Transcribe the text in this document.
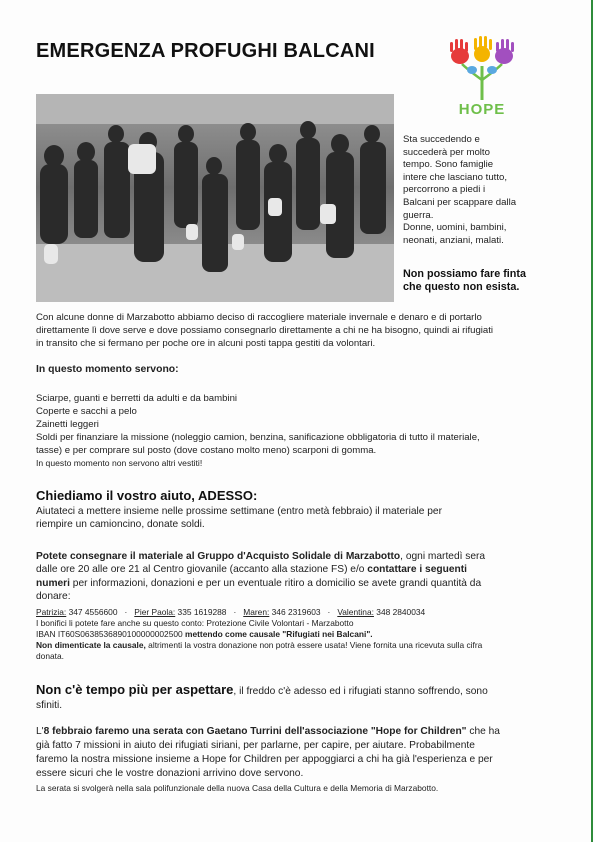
EMERGENZA PROFUGHI BALCANI
HOPE
Sta succedendo e
succederà per molto
tempo. Sono famiglie
intere che lasciano tutto,
percorrono a piedi i
Balcani per scappare dalla
guerra.
Donne, uomini, bambini,
neonati, anziani, malati.
Non possiamo fare finta
che questo non esista.
Con alcune donne di Marzabotto abbiamo deciso di raccogliere materiale invernale e denaro e di portarlo
direttamente lì dove serve e dove possiamo consegnarlo direttamente a chi ne ha bisogno, quindi ai rifugiati
in transito che si fermano per poche ore in alcuni posti tappa gestiti da volontari.
In questo momento servono:
Sciarpe, guanti e berretti da adulti e da bambini
Coperte e sacchi a pelo
Zainetti leggeri
Soldi per finanziare la missione (noleggio camion, benzina, sanificazione obbligatoria di tutto il materiale,
tasse) e per comprare sul posto (dove costano molto meno) scarponi di gomma.
In questo momento non servono altri vestiti!
Chiediamo il vostro aiuto, ADESSO:
Aiutateci a mettere insieme nelle prossime settimane (entro metà febbraio) il materiale per
riempire un camioncino, donate soldi.
Potete consegnare il materiale al Gruppo d'Acquisto Solidale di Marzabotto, ogni martedì sera
dalle ore 20 alle ore 21 al Centro giovanile (accanto alla stazione FS) e/o contattare i seguenti
numeri per informazioni, donazioni e per un eventuale ritiro a domicilio se avete grandi quantità da
donare:
Patrizia: 347 4556600 · Pier Paola: 335 1619288 · Maren: 346 2319603 · Valentina: 348 2840034
I bonifici li potete fare anche su questo conto: Protezione Civile Volontari - Marzabotto
IBAN IT60S0638536890100000002500 mettendo come causale "Rifugiati nei Balcani".
Non dimenticate la causale, altrimenti la vostra donazione non potrà essere usata! Viene fornita una ricevuta sulla cifra
donata.
Non c'è tempo più per aspettare, il freddo c'è adesso ed i rifugiati stanno soffrendo, sono
sfiniti.
L'8 febbraio faremo una serata con Gaetano Turrini dell'associazione "Hope for Children" che ha
già fatto 7 missioni in aiuto dei rifugiati siriani, per parlarne, per capire, per aiutare. Probabilmente
faremo la nostra missione insieme a Hope for Children per appoggiarci a chi ha già l'esperienza e per
essere sicuri che le vostre donazioni arrivino dove servono.
La serata si svolgerà nella sala polifunzionale della nuova Casa della Cultura e della Memoria di Marzabotto.
